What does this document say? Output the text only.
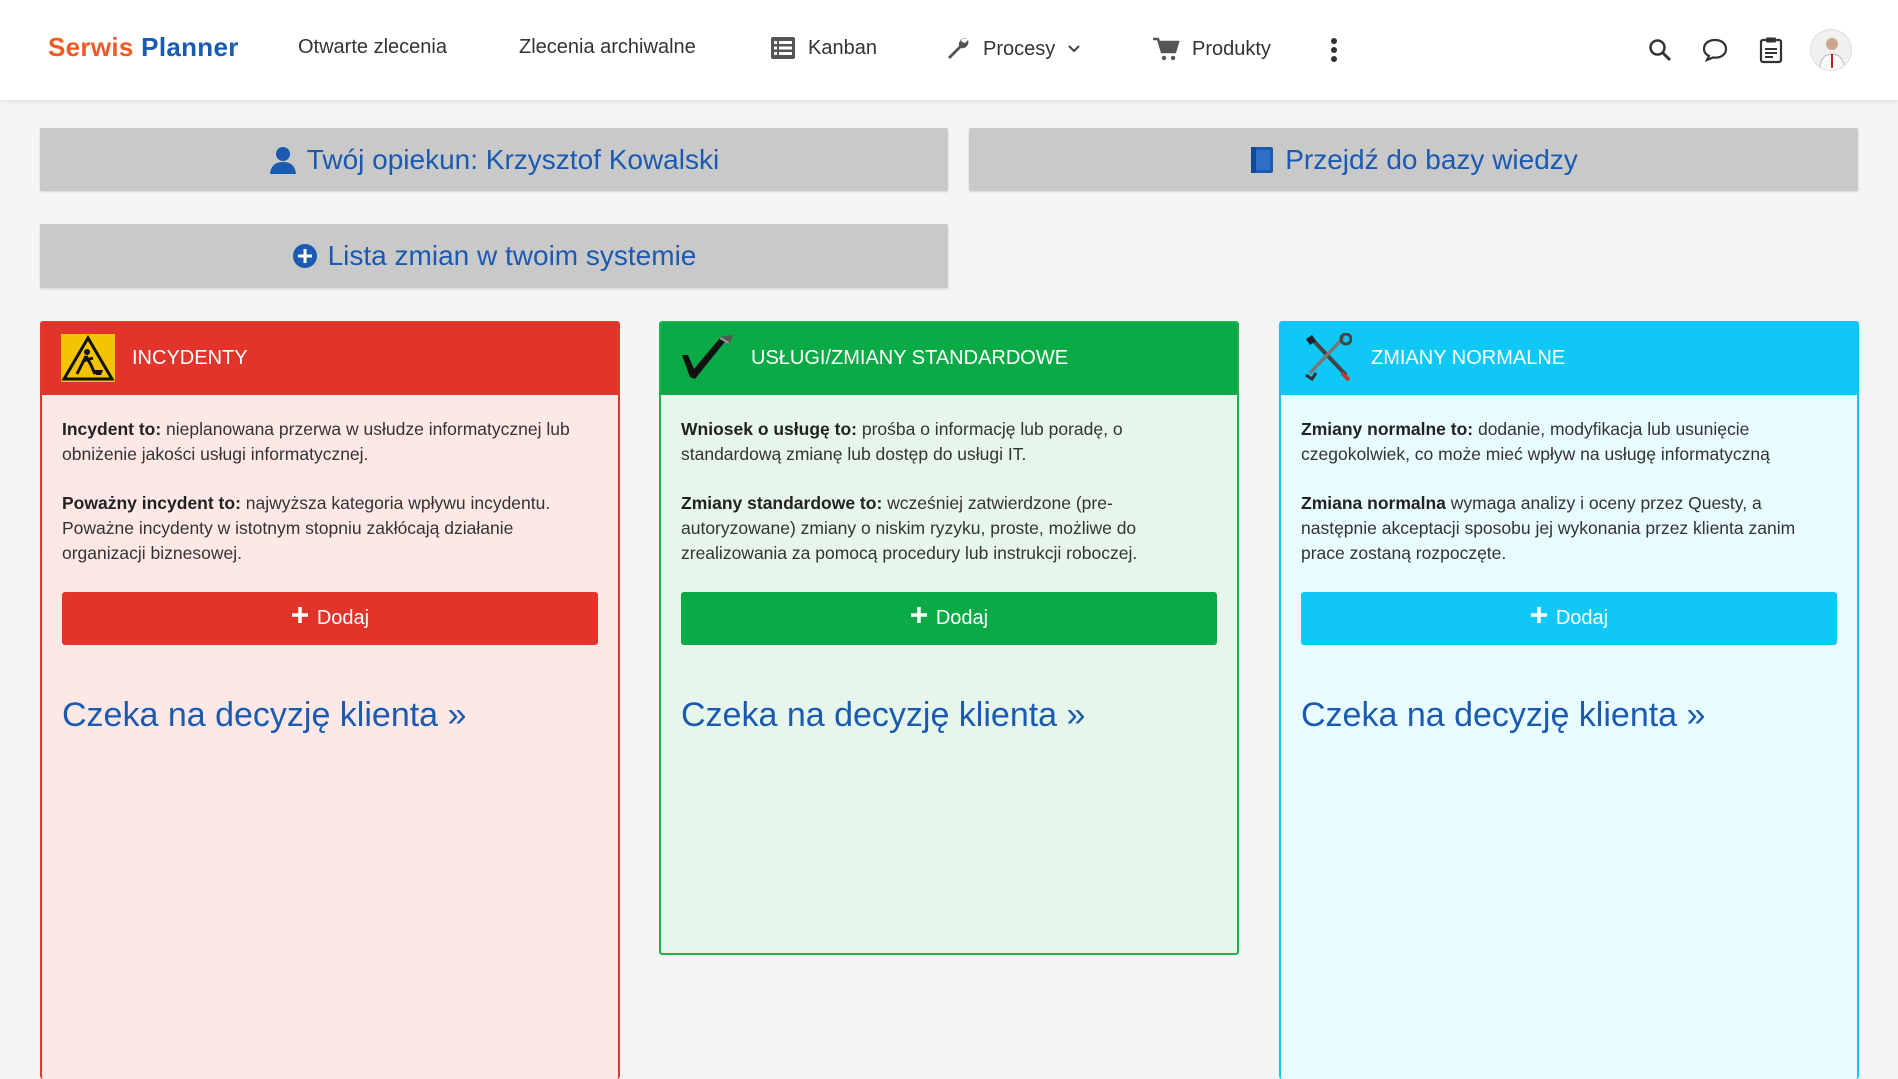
Serwis Planner	Otwarte zlecenia	Zlecenia archiwalne	Kanban	Procesy	Produkty
Twój opiekun: Krzysztof Kowalski	Przejdź do bazy wiedzy
Lista zmian w twoim systemie
INCYDENTY

Incydent to: nieplanowana przerwa w usłudze informatycznej lub obniżenie jakości usługi informatycznej.

Poważny incydent to: najwyższa kategoria wpływu incydentu. Poważne incydenty w istotnym stopniu zakłócają działanie organizacji biznesowej.

Dodaj
Czeka na decyzję klienta »
USŁUGI/ZMIANY STANDARDOWE

Wniosek o usługę to: prośba o informację lub poradę, o standardową zmianę lub dostęp do usługi IT.

Zmiany standardowe to: wcześniej zatwierdzone (pre-autoryzowane) zmiany o niskim ryzyku, proste, możliwe do zrealizowania za pomocą procedury lub instrukcji roboczej.

Dodaj
Czeka na decyzję klienta »
ZMIANY NORMALNE

Zmiany normalne to: dodanie, modyfikacja lub usunięcie czegokolwiek, co może mieć wpływ na usługę informatyczną

Zmiana normalna wymaga analizy i oceny przez Questy, a następnie akceptacji sposobu jej wykonania przez klienta zanim prace zostaną rozpoczęte.

Dodaj
Czeka na decyzję klienta »
